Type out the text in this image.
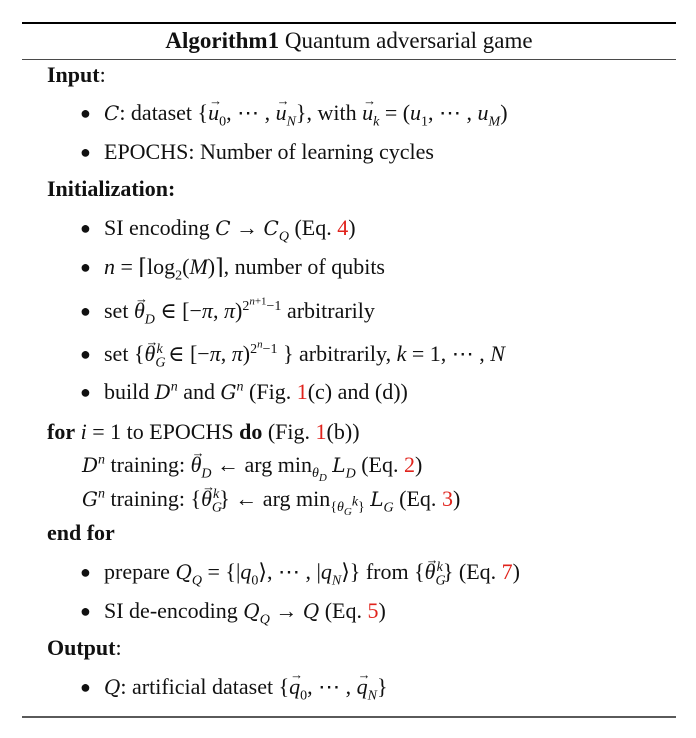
Algorithm1 Quantum adversarial game
Input:
● C: dataset {→ $u_0$, ⋯ , → $u_N$}, with → $u_k = (u_1$, ⋯ , $u_M$)
● EPOCHS: Number of learning cycles
Initialization:
● SI encoding $C \to C_Q$ (Eq. 4)
● $n = ⌈\log_2(M)⌉$, number of qubits
● set → $\theta_D$ ∈ [−π, π)$^{2^{n+1}-1}$ arbitrarily
● set {→ $\theta_G^k$ ∈ [−π, π)$^{2^n-1}$ } arbitrarily, k = 1, ⋯ , N
● build $D^n$ and $G^n$ (Fig. 1(c) and (d))
for i = 1 to EPOCHS do (Fig. 1(b))
$D^n$ training: → $\theta_D$ ← arg $\min_{\theta_D} L_D$ (Eq. 2)
$G^n$ training: {→ $\theta_G^k$} ← arg $\min_{\{\theta_G^k\}} L_G$ (Eq. 3)
end for
● prepare $Q_Q$ = {$|q_0⟩$, ⋯ , $|q_N⟩$} from {→ $\theta_G^k$} (Eq. 7)
● SI de-encoding $Q_Q \to Q$ (Eq. 5)
Output:
● Q: artificial dataset {→ $q_0$, ⋯ , → $q_N$}
